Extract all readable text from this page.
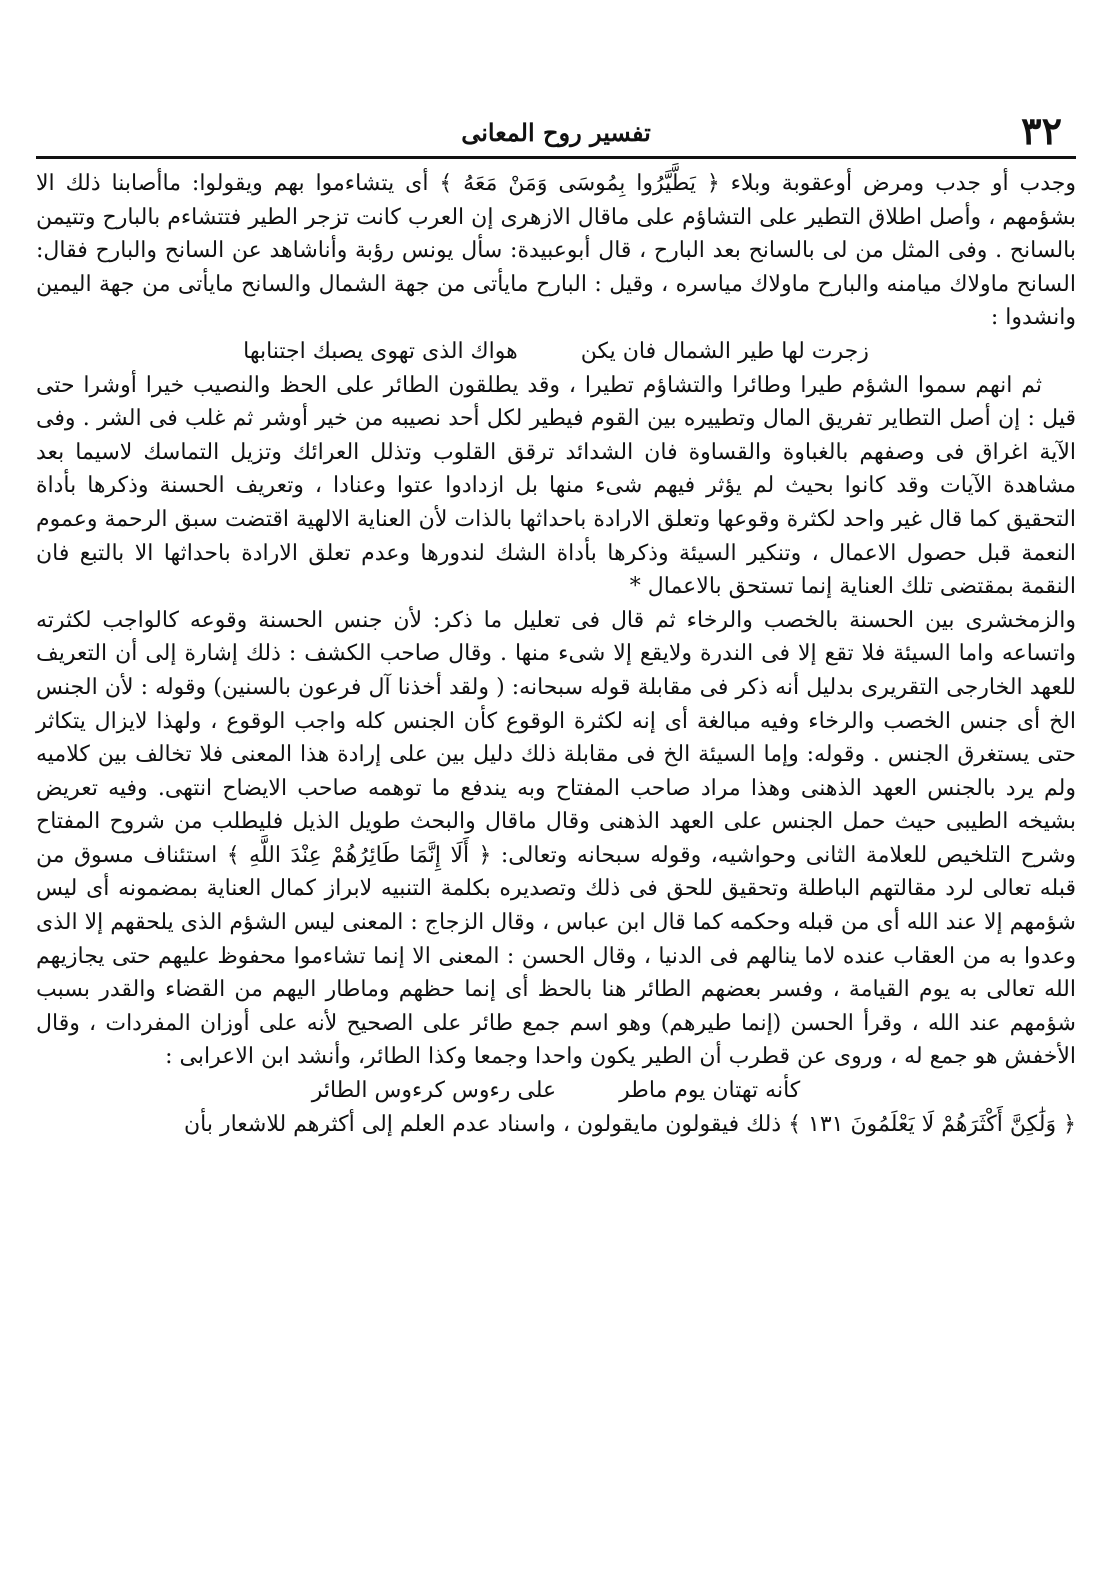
٣٢
تفسير روح المعانى

وجدب أو جدب ومرض أوعقوبة وبلاء ﴿ يَطَّيَّرُوا بِمُوسَى وَمَنْ مَعَهُ ﴾ أى يتشاءموا بهم ويقولوا: ماأصابنا ذلك الا بشؤمهم ، وأصل اطلاق التطير على التشاؤم على ماقال الازهرى إن العرب كانت تزجر الطير فتتشاءم بالبارح وتتيمن بالسانح . وفى المثل من لى بالسانح بعد البارح ، قال أبوعبيدة: سأل يونس رؤبة وأناشاهد عن السانح والبارح فقال: السانح ماولاك ميامنه والبارح ماولاك مياسره ، وقيل : البارح مايأتى من جهة الشمال والسانح مايأتى من جهة اليمين وانشدوا :

زجرت لها طير الشمال فان يكن هواك الذى تهوى يصبك اجتنابها

ثم انهم سموا الشؤم طيرا وطائرا والتشاؤم تطيرا ، وقد يطلقون الطائر على الحظ والنصيب خيرا أوشرا حتى قيل : إن أصل التطاير تفريق المال وتطييره بين القوم فيطير لكل أحد نصيبه من خير أوشر ثم غلب فى الشر . وفى الآية اغراق فى وصفهم بالغباوة والقساوة فان الشدائد ترقق القلوب وتذلل العرائك وتزيل التماسك لاسيما بعد مشاهدة الآيات وقد كانوا بحيث لم يؤثر فيهم شىء منها بل ازدادوا عتوا وعنادا ، وتعريف الحسنة وذكرها بأداة التحقيق كما قال غير واحد لكثرة وقوعها وتعلق الارادة باحداثها بالذات لأن العناية الالهية اقتضت سبق الرحمة وعموم النعمة قبل حصول الاعمال ، وتنكير السيئة وذكرها بأداة الشك لندورها وعدم تعلق الارادة باحداثها الا بالتبع فان النقمة بمقتضى تلك العناية إنما تستحق بالاعمال *

والزمخشرى بين الحسنة بالخصب والرخاء ثم قال فى تعليل ما ذكر: لأن جنس الحسنة وقوعه كالواجب لكثرته واتساعه واما السيئة فلا تقع إلا فى الندرة ولايقع إلا شىء منها . وقال صاحب الكشف : ذلك إشارة إلى أن التعريف للعهد الخارجى التقريرى بدليل أنه ذكر فى مقابلة قوله سبحانه: ( ولقد أخذنا آل فرعون بالسنين) وقوله : لأن الجنس الخ أى جنس الخصب والرخاء وفيه مبالغة أى إنه لكثرة الوقوع كأن الجنس كله واجب الوقوع ، ولهذا لايزال يتكاثر حتى يستغرق الجنس . وقوله: وإما السيئة الخ فى مقابلة ذلك دليل بين على إرادة هذا المعنى فلا تخالف بين كلاميه ولم يرد بالجنس العهد الذهنى وهذا مراد صاحب المفتاح وبه يندفع ما توهمه صاحب الايضاح انتهى. وفيه تعريض بشيخه الطيبى حيث حمل الجنس على العهد الذهنى وقال ماقال والبحث طويل الذيل فليطلب من شروح المفتاح وشرح التلخيص للعلامة الثانى وحواشيه، وقوله سبحانه وتعالى: ﴿ أَلَا إِنَّمَا طَائِرُهُمْ عِنْدَ اللَّهِ ﴾ استئناف مسوق من قبله تعالى لرد مقالتهم الباطلة وتحقيق للحق فى ذلك وتصديره بكلمة التنبيه لابراز كمال العناية بمضمونه أى ليس شؤمهم إلا عند الله أى من قبله وحكمه كما قال ابن عباس ، وقال الزجاج : المعنى ليس الشؤم الذى يلحقهم إلا الذى وعدوا به من العقاب عنده لاما ينالهم فى الدنيا ، وقال الحسن : المعنى الا إنما تشاءموا محفوظ عليهم حتى يجازيهم الله تعالى به يوم القيامة ، وفسر بعضهم الطائر هنا بالحظ أى إنما حظهم وماطار اليهم من القضاء والقدر بسبب شؤمهم عند الله ، وقرأ الحسن (إنما طيرهم) وهو اسم جمع طائر على الصحيح لأنه على أوزان المفردات ، وقال الأخفش هو جمع له ، وروى عن قطرب أن الطير يكون واحدا وجمعا وكذا الطائر، وأنشد ابن الاعرابى :

كأنه تهتان يوم ماطر على رءوس كرءوس الطائر

﴿ وَلَٰكِنَّ أَكْثَرَهُمْ لَا يَعْلَمُونَ ١٣١ ﴾ ذلك فيقولون مايقولون ، واسناد عدم العلم إلى أكثرهم للاشعار بأن
